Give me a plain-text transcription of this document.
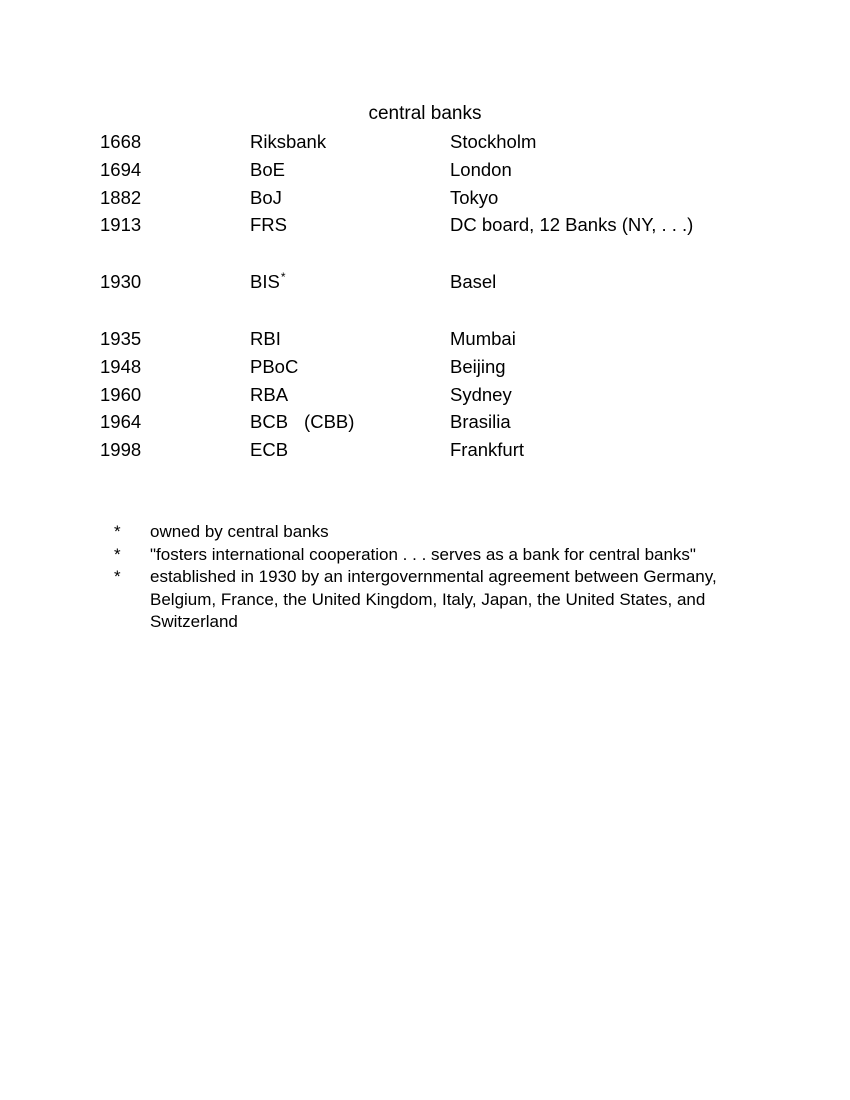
central banks
1668	Riksbank	Stockholm
1694	BoE	London
1882	BoJ	Tokyo
1913	FRS	DC board, 12 Banks (NY, . . .)
1930	BIS*	Basel
1935	RBI	Mumbai
1948	PBoC	Beijing
1960	RBA	Sydney
1964	BCB (CBB)	Brasilia
1998	ECB	Frankfurt
* owned by central banks
* "fosters international cooperation . . . serves as a bank for central banks"
* established in 1930 by an intergovernmental agreement between Germany, Belgium, France, the United Kingdom, Italy, Japan, the United States, and Switzerland
